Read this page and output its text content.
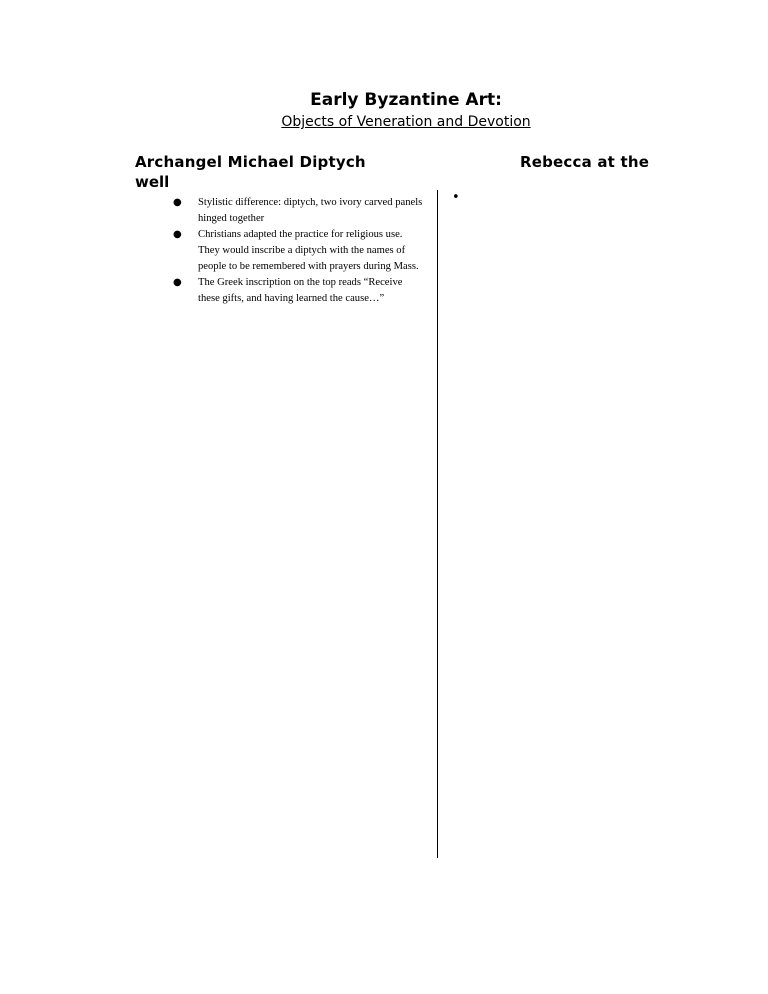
Early Byzantine Art:
Objects of Veneration and Devotion
Archangel Michael Diptych
well
Rebecca at the
● Stylistic difference: diptych, two ivory carved panels hinged together
● Christians adapted the practice for religious use. They would inscribe a diptych with the names of people to be remembered with prayers during Mass.
● The Greek inscription on the top reads “Receive these gifts, and having learned the cause…”
•
